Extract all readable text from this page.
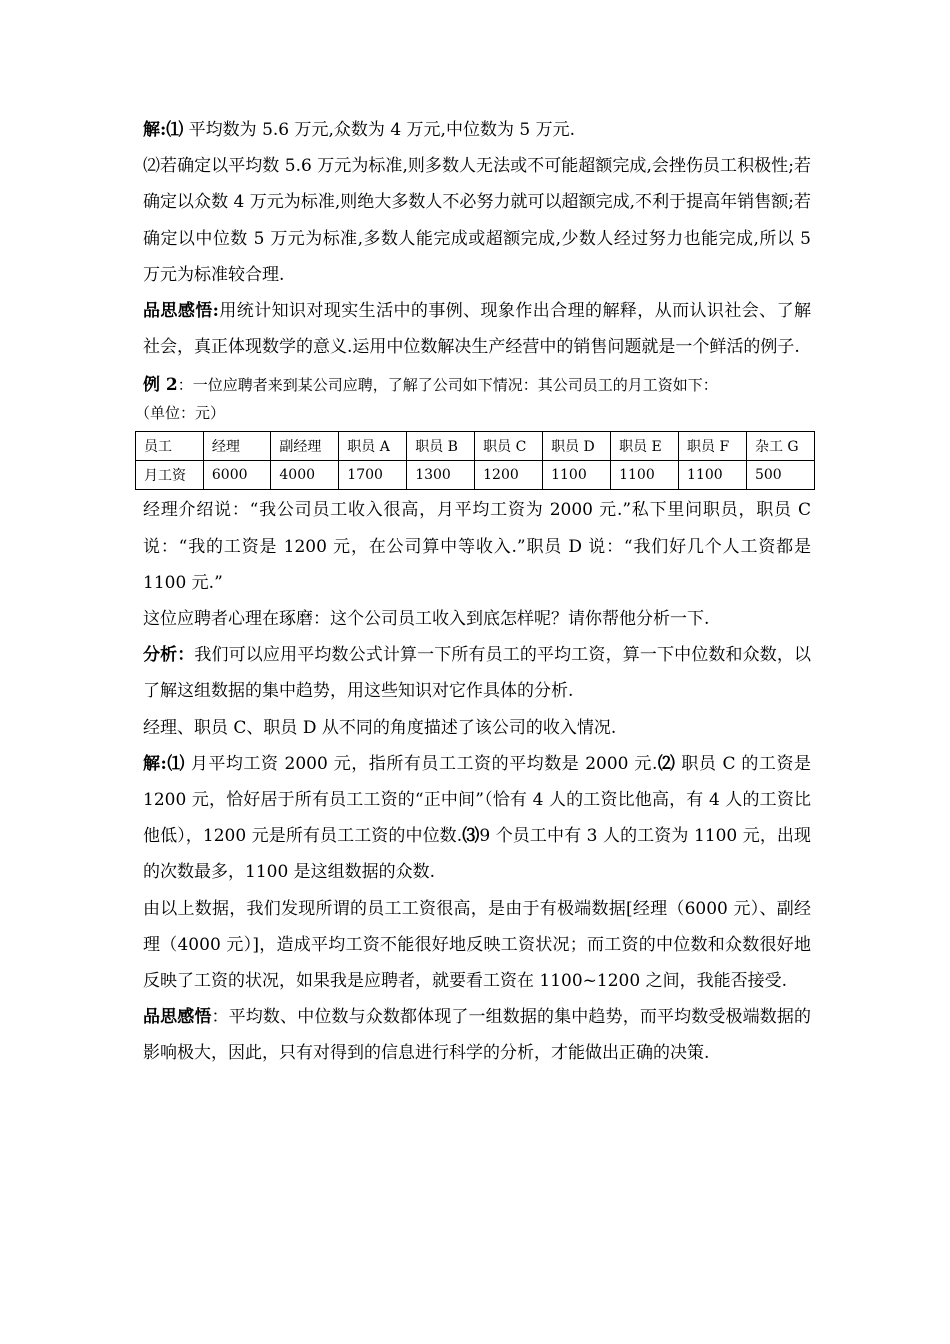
解:⑴ 平均数为 5.6 万元,众数为 4 万元,中位数为 5 万元.

⑵若确定以平均数 5.6 万元为标准,则多数人无法或不可能超额完成,会挫伤员工积极性;若确定以众数 4 万元为标准,则绝大多数人不必努力就可以超额完成,不利于提高年销售额;若确定以中位数 5 万元为标准,多数人能完成或超额完成,少数人经过努力也能完成,所以 5 万元为标准较合理.

品思感悟:用统计知识对现实生活中的事例、现象作出合理的解释，从而认识社会、了解社会，真正体现数学的意义.运用中位数解决生产经营中的销售问题就是一个鲜活的例子.

例 2：一位应聘者来到某公司应聘，了解了公司如下情况：其公司员工的月工资如下：

（单位：元）

员工	经理	副经理	职员 A	职员 B	职员 C	职员 D	职员 E	职员 F	杂工 G
月工资	6000	4000	1700	1300	1200	1100	1100	1100	500

经理介绍说：“我公司员工收入很高，月平均工资为 2000 元.”私下里问职员，职员 C 说：“我的工资是 1200 元，在公司算中等收入.”职员 D 说：“我们好几个人工资都是 1100 元.”

这位应聘者心理在琢磨：这个公司员工收入到底怎样呢？请你帮他分析一下.

分析：我们可以应用平均数公式计算一下所有员工的平均工资，算一下中位数和众数，以了解这组数据的集中趋势，用这些知识对它作具体的分析.

经理、职员 C、职员 D 从不同的角度描述了该公司的收入情况.

解:⑴ 月平均工资 2000 元，指所有员工工资的平均数是 2000 元.⑵ 职员 C 的工资是 1200 元，恰好居于所有员工工资的“正中间”（恰有 4 人的工资比他高，有 4 人的工资比他低），1200 元是所有员工工资的中位数.⑶9 个员工中有 3 人的工资为 1100 元，出现的次数最多，1100 是这组数据的众数.

由以上数据，我们发现所谓的员工工资很高，是由于有极端数据[经理（6000 元）、副经理（4000 元）]，造成平均工资不能很好地反映工资状况；而工资的中位数和众数很好地反映了工资的状况，如果我是应聘者，就要看工资在 1100~1200 之间，我能否接受.

品思感悟：平均数、中位数与众数都体现了一组数据的集中趋势，而平均数受极端数据的影响极大，因此，只有对得到的信息进行科学的分析，才能做出正确的决策.
